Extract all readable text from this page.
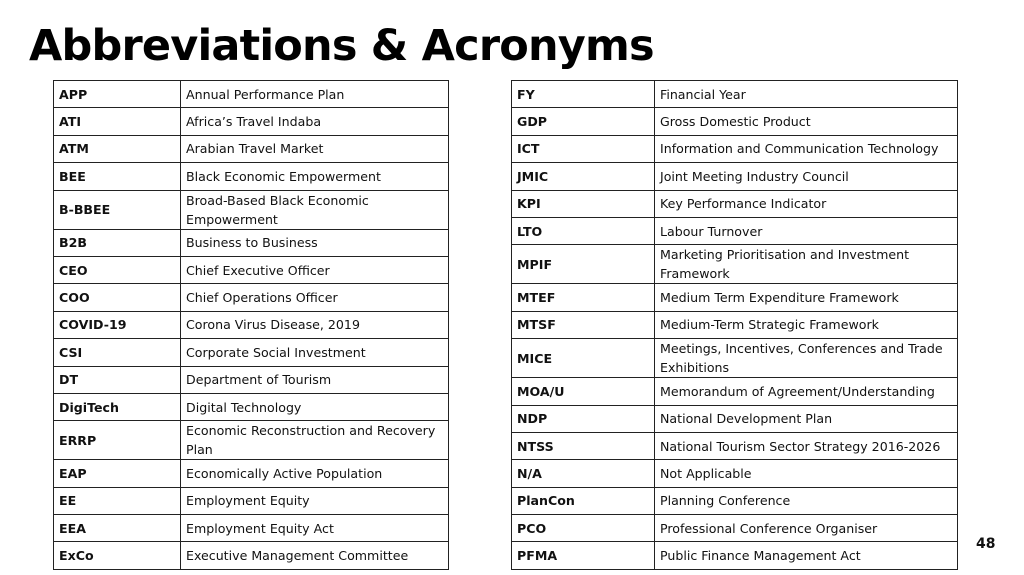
Abbreviations & Acronyms
APP	Annual Performance Plan
ATI	Africa’s Travel Indaba
ATM	Arabian Travel Market
BEE	Black Economic Empowerment
B-BBEE	Broad-Based Black Economic Empowerment
B2B	Business to Business
CEO	Chief Executive Officer
COO	Chief Operations Officer
COVID-19	Corona Virus Disease, 2019
CSI	Corporate Social Investment
DT	Department of Tourism
DigiTech	Digital Technology
ERRP	Economic Reconstruction and Recovery Plan
EAP	Economically Active Population
EE	Employment Equity
EEA	Employment Equity Act
ExCo	Executive Management Committee
FY	Financial Year
GDP	Gross Domestic Product
ICT	Information and Communication Technology
JMIC	Joint Meeting Industry Council
KPI	Key Performance Indicator
LTO	Labour Turnover
MPIF	Marketing Prioritisation and Investment Framework
MTEF	Medium Term Expenditure Framework
MTSF	Medium-Term Strategic Framework
MICE	Meetings, Incentives, Conferences and Trade Exhibitions
MOA/U	Memorandum of Agreement/Understanding
NDP	National Development Plan
NTSS	National Tourism Sector Strategy 2016-2026
N/A	Not Applicable
PlanCon	Planning Conference
PCO	Professional Conference Organiser
PFMA	Public Finance Management Act
48
